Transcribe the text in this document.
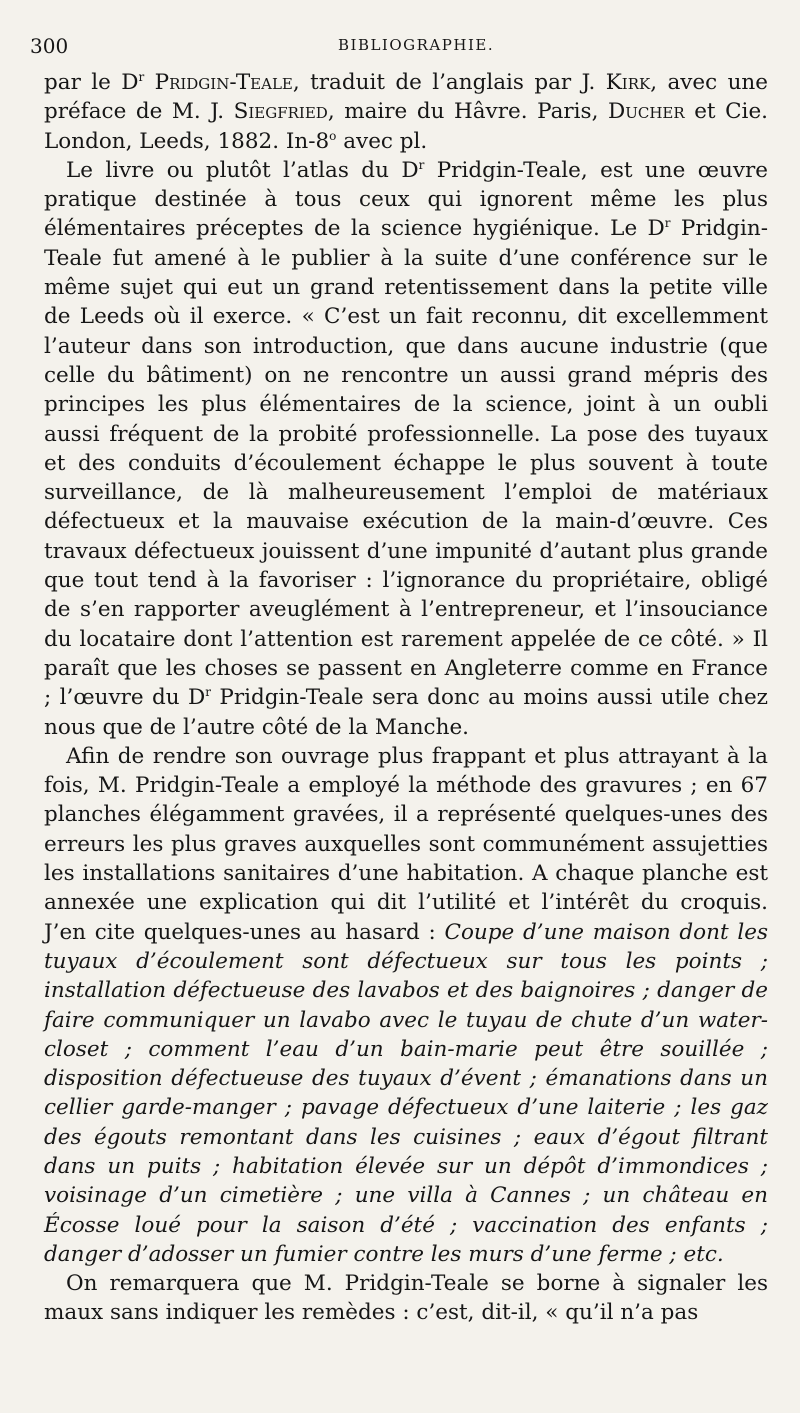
300	BIBLIOGRAPHIE.

par le $D^r$ Pridgin-Teale, traduit de l’anglais par J. Kirk, avec une préface de M. J. Siegfried, maire du Hâvre. Paris, Ducher et Cie. London, Leeds, 1882. In-8$^o$ avec pl.

Le livre ou plutôt l’atlas du $D^r$ Pridgin-Teale, est une œuvre pratique destinée à tous ceux qui ignorent même les plus élémentaires préceptes de la science hygiénique. Le $D^r$ Pridgin-Teale fut amené à le publier à la suite d’une conférence sur le même sujet qui eut un grand retentissement dans la petite ville de Leeds où il exerce. « C’est un fait reconnu, dit excellemment l’auteur dans son introduction, que dans aucune industrie (que celle du bâtiment) on ne rencontre un aussi grand mépris des principes les plus élémentaires de la science, joint à un oubli aussi fréquent de la probité professionnelle. La pose des tuyaux et des conduits d’écoulement échappe le plus souvent à toute surveillance, de là malheureusement l’emploi de matériaux défectueux et la mauvaise exécution de la main-d’œuvre. Ces travaux défectueux jouissent d’une impunité d’autant plus grande que tout tend à la favoriser : l’ignorance du propriétaire, obligé de s’en rapporter aveuglément à l’entrepreneur, et l’insouciance du locataire dont l’attention est rarement appelée de ce côté. » Il paraît que les choses se passent en Angleterre comme en France ; l’œuvre du $D^r$ Pridgin-Teale sera donc au moins aussi utile chez nous que de l’autre côté de la Manche.

Afin de rendre son ouvrage plus frappant et plus attrayant à la fois, M. Pridgin-Teale a employé la méthode des gravures ; en 67 planches élégamment gravées, il a représenté quelques-unes des erreurs les plus graves auxquelles sont communément assujetties les installations sanitaires d’une habitation. A chaque planche est annexée une explication qui dit l’utilité et l’intérêt du croquis. J’en cite quelques-unes au hasard : Coupe d’une maison dont les tuyaux d’écoulement sont défectueux sur tous les points ; installation défectueuse des lavabos et des baignoires ; danger de faire communiquer un lavabo avec le tuyau de chute d’un water-closet ; comment l’eau d’un bain-marie peut être souillée ; disposition défectueuse des tuyaux d’évent ; émanations dans un cellier garde-manger ; pavage défectueux d’une laiterie ; les gaz des égouts remontant dans les cuisines ; eaux d’égout filtrant dans un puits ; habitation élevée sur un dépôt d’immondices ; voisinage d’un cimetière ; une villa à Cannes ; un château en Écosse loué pour la saison d’été ; vaccination des enfants ; danger d’adosser un fumier contre les murs d’une ferme ; etc.

On remarquera que M. Pridgin-Teale se borne à signaler les maux sans indiquer les remèdes : c’est, dit-il, « qu’il n’a pas
